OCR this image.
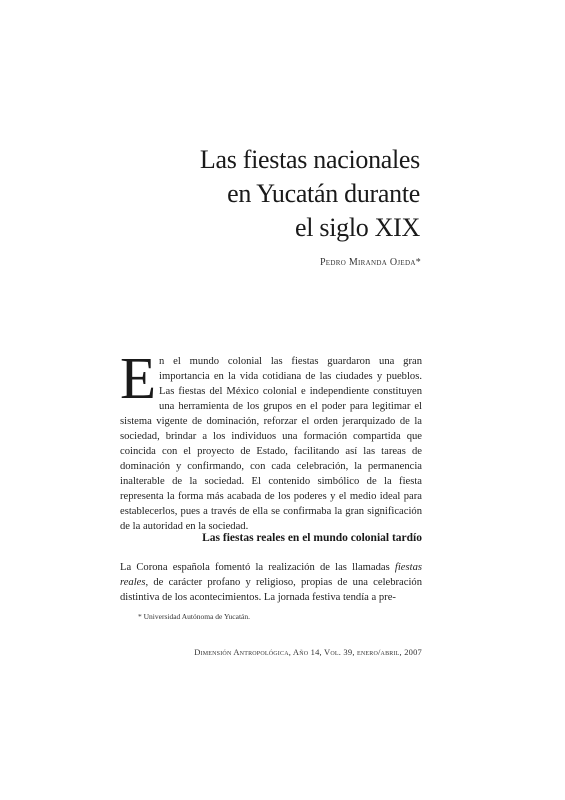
Las fiestas nacionales
en Yucatán durante
el siglo XIX
Pedro Miranda Ojeda*

En el mundo colonial las fiestas guardaron una gran importancia en la vida cotidiana de las ciudades y pueblos. Las fiestas del México colonial e independiente constituyen una herramienta de los grupos en el poder para legitimar el sistema vigente de dominación, reforzar el orden jerarquizado de la sociedad, brindar a los individuos una formación compartida que coincida con el proyecto de Estado, facilitando así las tareas de dominación y confirmando, con cada celebración, la permanencia inalterable de la sociedad. El contenido simbólico de la fiesta representa la forma más acabada de los poderes y el medio ideal para establecerlos, pues a través de ella se confirmaba la gran significación de la autoridad en la sociedad.

Las fiestas reales en el mundo colonial tardío

La Corona española fomentó la realización de las llamadas fiestas reales, de carácter profano y religioso, propias de una celebración distintiva de los acontecimientos. La jornada festiva tendía a pre-

* Universidad Autónoma de Yucatán.
Dimensión Antropológica, Año 14, Vol. 39, enero/abril, 2007
